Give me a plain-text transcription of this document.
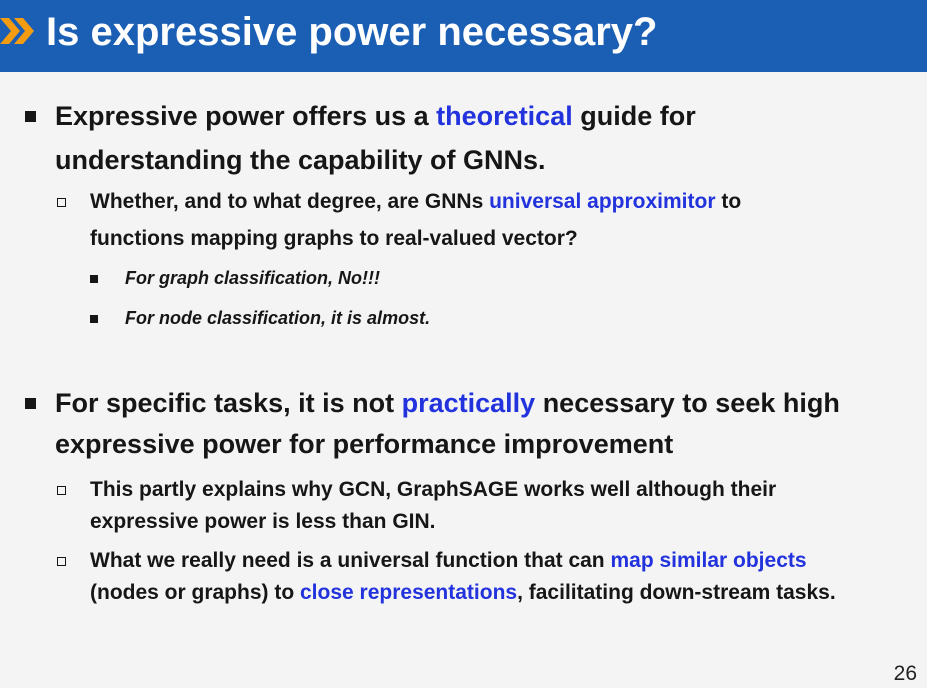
Is expressive power necessary?
Expressive power offers us a theoretical guide for
understanding the capability of GNNs.
Whether, and to what degree, are GNNs universal approximitor to
functions mapping graphs to real-valued vector?
For graph classification, No!!!
For node classification, it is almost.
For specific tasks, it is not practically necessary to seek high
expressive power for performance improvement
This partly explains why GCN, GraphSAGE works well although their
expressive power is less than GIN.
What we really need is a universal function that can map similar objects
(nodes or graphs) to close representations, facilitating down-stream tasks.
26
